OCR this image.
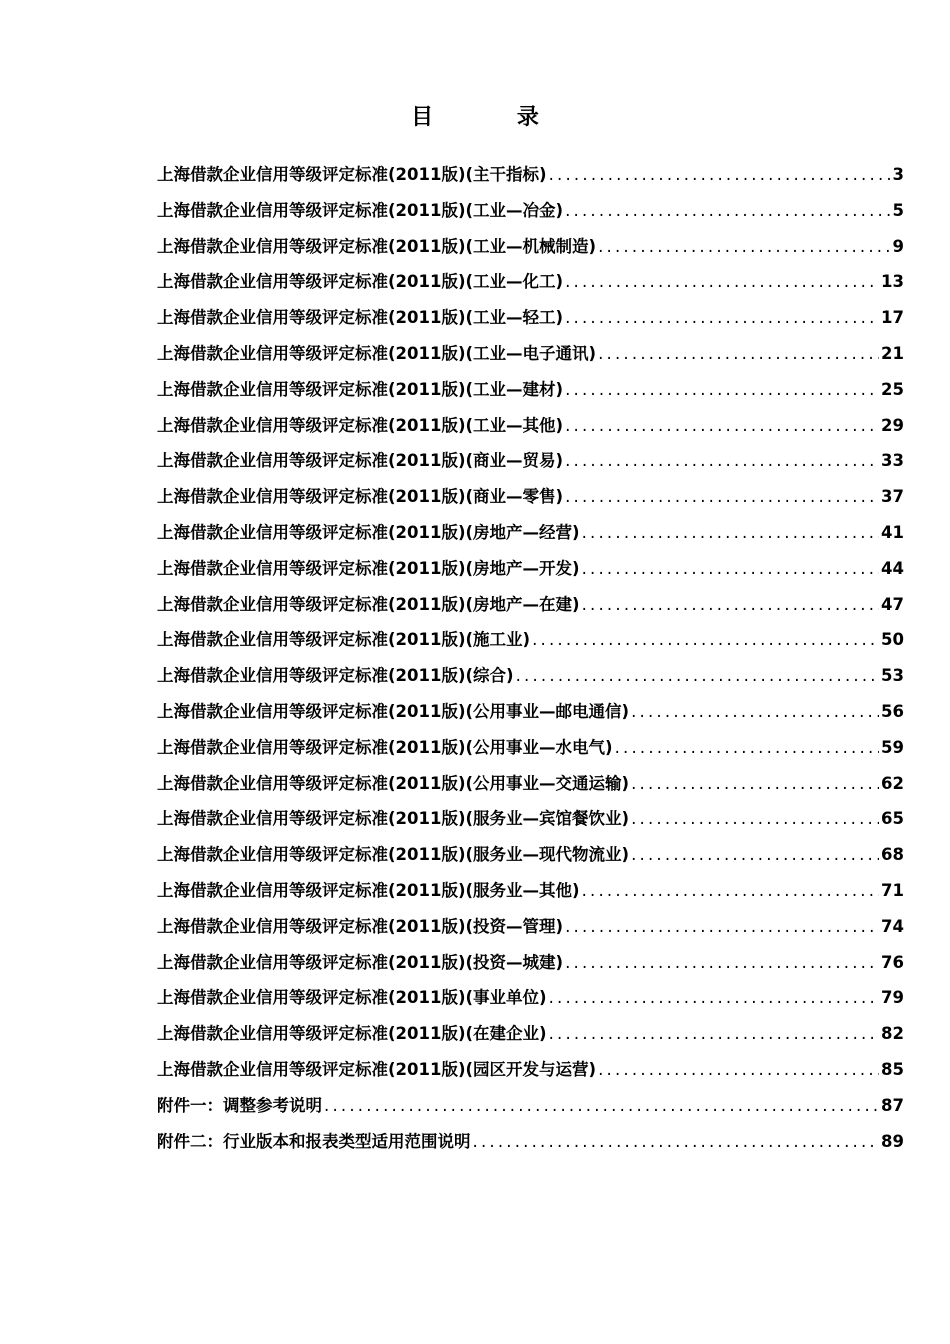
目 录
上海借款企业信用等级评定标准(2011版)(主干指标) .....	3
上海借款企业信用等级评定标准(2011版)(工业—冶金) .....	5
上海借款企业信用等级评定标准(2011版)(工业—机械制造) .....	9
上海借款企业信用等级评定标准(2011版)(工业—化工) .....	13
上海借款企业信用等级评定标准(2011版)(工业—轻工) .....	17
上海借款企业信用等级评定标准(2011版)(工业—电子通讯) .....	21
上海借款企业信用等级评定标准(2011版)(工业—建材) .....	25
上海借款企业信用等级评定标准(2011版)(工业—其他) .....	29
上海借款企业信用等级评定标准(2011版)(商业—贸易) .....	33
上海借款企业信用等级评定标准(2011版)(商业—零售) .....	37
上海借款企业信用等级评定标准(2011版)(房地产—经营) .....	41
上海借款企业信用等级评定标准(2011版)(房地产—开发) .....	44
上海借款企业信用等级评定标准(2011版)(房地产—在建) .....	47
上海借款企业信用等级评定标准(2011版)(施工业) .....	50
上海借款企业信用等级评定标准(2011版)(综合) .....	53
上海借款企业信用等级评定标准(2011版)(公用事业—邮电通信) .....	56
上海借款企业信用等级评定标准(2011版)(公用事业—水电气) .....	59
上海借款企业信用等级评定标准(2011版)(公用事业—交通运输) .....	62
上海借款企业信用等级评定标准(2011版)(服务业—宾馆餐饮业) .....	65
上海借款企业信用等级评定标准(2011版)(服务业—现代物流业) .....	68
上海借款企业信用等级评定标准(2011版)(服务业—其他) .....	71
上海借款企业信用等级评定标准(2011版)(投资—管理) .....	74
上海借款企业信用等级评定标准(2011版)(投资—城建) .....	76
上海借款企业信用等级评定标准(2011版)(事业单位) .....	79
上海借款企业信用等级评定标准(2011版)(在建企业) .....	82
上海借款企业信用等级评定标准(2011版)(园区开发与运营) .....	85
附件一：调整参考说明 .....	87
附件二：行业版本和报表类型适用范围说明 .....	89
